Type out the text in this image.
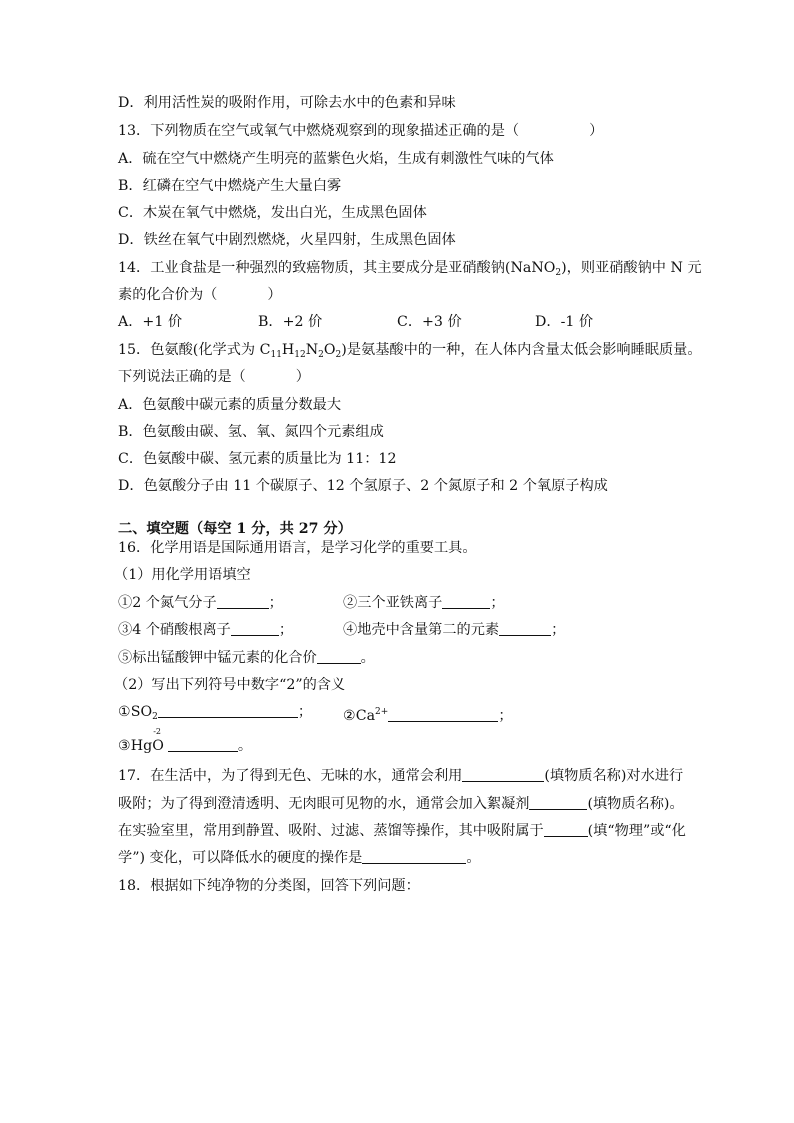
D．利用活性炭的吸附作用，可除去水中的色素和异味
13．下列物质在空气或氧气中燃烧观察到的现象描述正确的是（	）
A．硫在空气中燃烧产生明亮的蓝紫色火焰，生成有刺激性气味的气体
B．红磷在空气中燃烧产生大量白雾
C．木炭在氧气中燃烧，发出白光，生成黑色固体
D．铁丝在氧气中剧烈燃烧，火星四射，生成黑色固体
14．工业食盐是一种强烈的致癌物质，其主要成分是亚硝酸钠(NaNO$_2$)，则亚硝酸钠中 N 元
素的化合价为（	）
A．+1 价	B．+2 价	C．+3 价	D．-1 价
15．色氨酸(化学式为 $C_{11}H_{12}N_2O_2$)是氨基酸中的一种，在人体内含量太低会影响睡眠质量。
下列说法正确的是（	）
A．色氨酸中碳元素的质量分数最大
B．色氨酸由碳、氢、氧、氮四个元素组成
C．色氨酸中碳、氢元素的质量比为 11：12
D．色氨酸分子由 11 个碳原子、12 个氢原子、2 个氮原子和 2 个氧原子构成
二、填空题（每空 1 分，共 27 分）
16．化学用语是国际通用语言，是学习化学的重要工具。
（1）用化学用语填空
①2 个氮气分子	；	②三个亚铁离子	；
③4 个硝酸根离子	；	④地壳中含量第二的元素	；
⑤标出锰酸钾中锰元素的化合价	。
（2）写出下列符号中数字“2”的含义
$①SO_2$	； $②Ca^{2+}$	；
③Hg
-2
O	。
17．在生活中，为了得到无色、无味的水，通常会利用	(填物质名称)对水进行
吸附；为了得到澄清透明、无肉眼可见物的水，通常会加入絮凝剂	(填物质名称)。
在实验室里，常用到静置、吸附、过滤、蒸馏等操作，其中吸附属于	(填“物理”或“化
学”) 变化，可以降低水的硬度的操作是	。
18．根据如下纯净物的分类图，回答下列问题：
